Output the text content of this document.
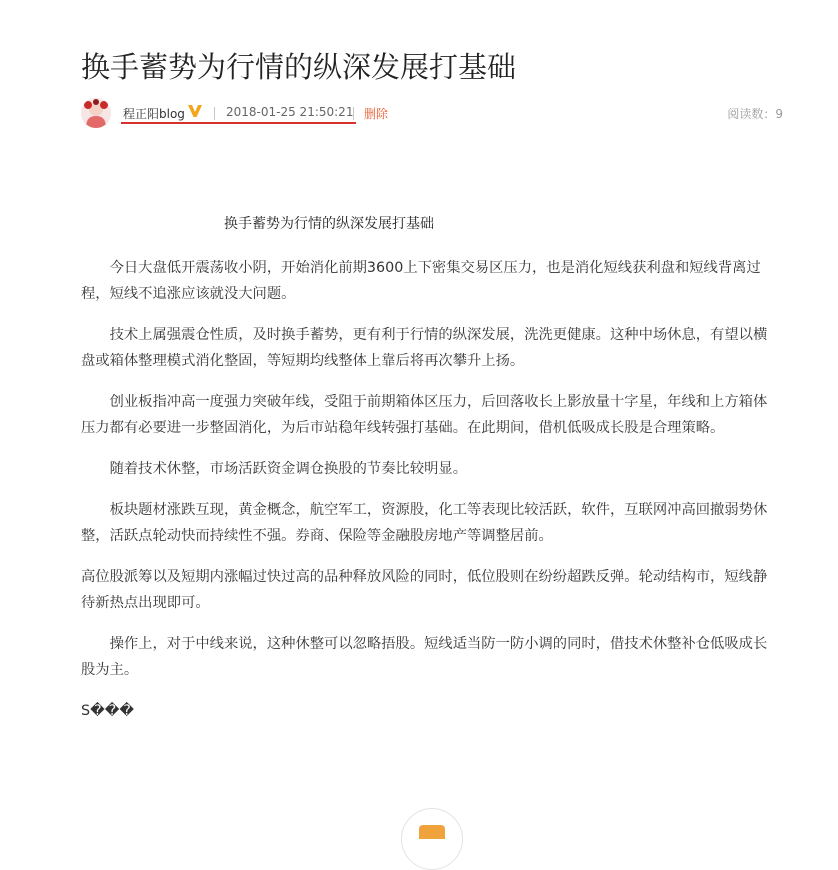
换手蓄势为行情的纵深发展打基础
程正阳blog	2018-01-25 21:50:21 删除	阅读数：9
换手蓄势为行情的纵深发展打基础

今日大盘低开震荡收小阴，开始消化前期3600上下密集交易区压力，也是消化短线获利盘和短线背离过程，短线不追涨应该就没大问题。

技术上属强震仓性质，及时换手蓄势，更有利于行情的纵深发展，洗洗更健康。这种中场休息，有望以横盘或箱体整理模式消化整固，等短期均线整体上靠后将再次攀升上扬。

创业板指冲高一度强力突破年线，受阻于前期箱体区压力，后回落收长上影放量十字星，年线和上方箱体压力都有必要进一步整固消化，为后市站稳年线转强打基础。在此期间，借机低吸成长股是合理策略。

随着技术休整，市场活跃资金调仓换股的节奏比较明显。

板块题材涨跌互现，黄金概念，航空军工，资源股，化工等表现比较活跃，软件，互联网冲高回撤弱势休整，活跃点轮动快而持续性不强。券商、保险等金融股房地产等调整居前。

高位股派筹以及短期内涨幅过快过高的品种释放风险的同时，低位股则在纷纷超跌反弹。轮动结构市，短线静待新热点出现即可。

操作上，对于中线来说，这种休整可以忽略捂股。短线适当防一防小调的同时，借技术休整补仓低吸成长股为主。

S���
